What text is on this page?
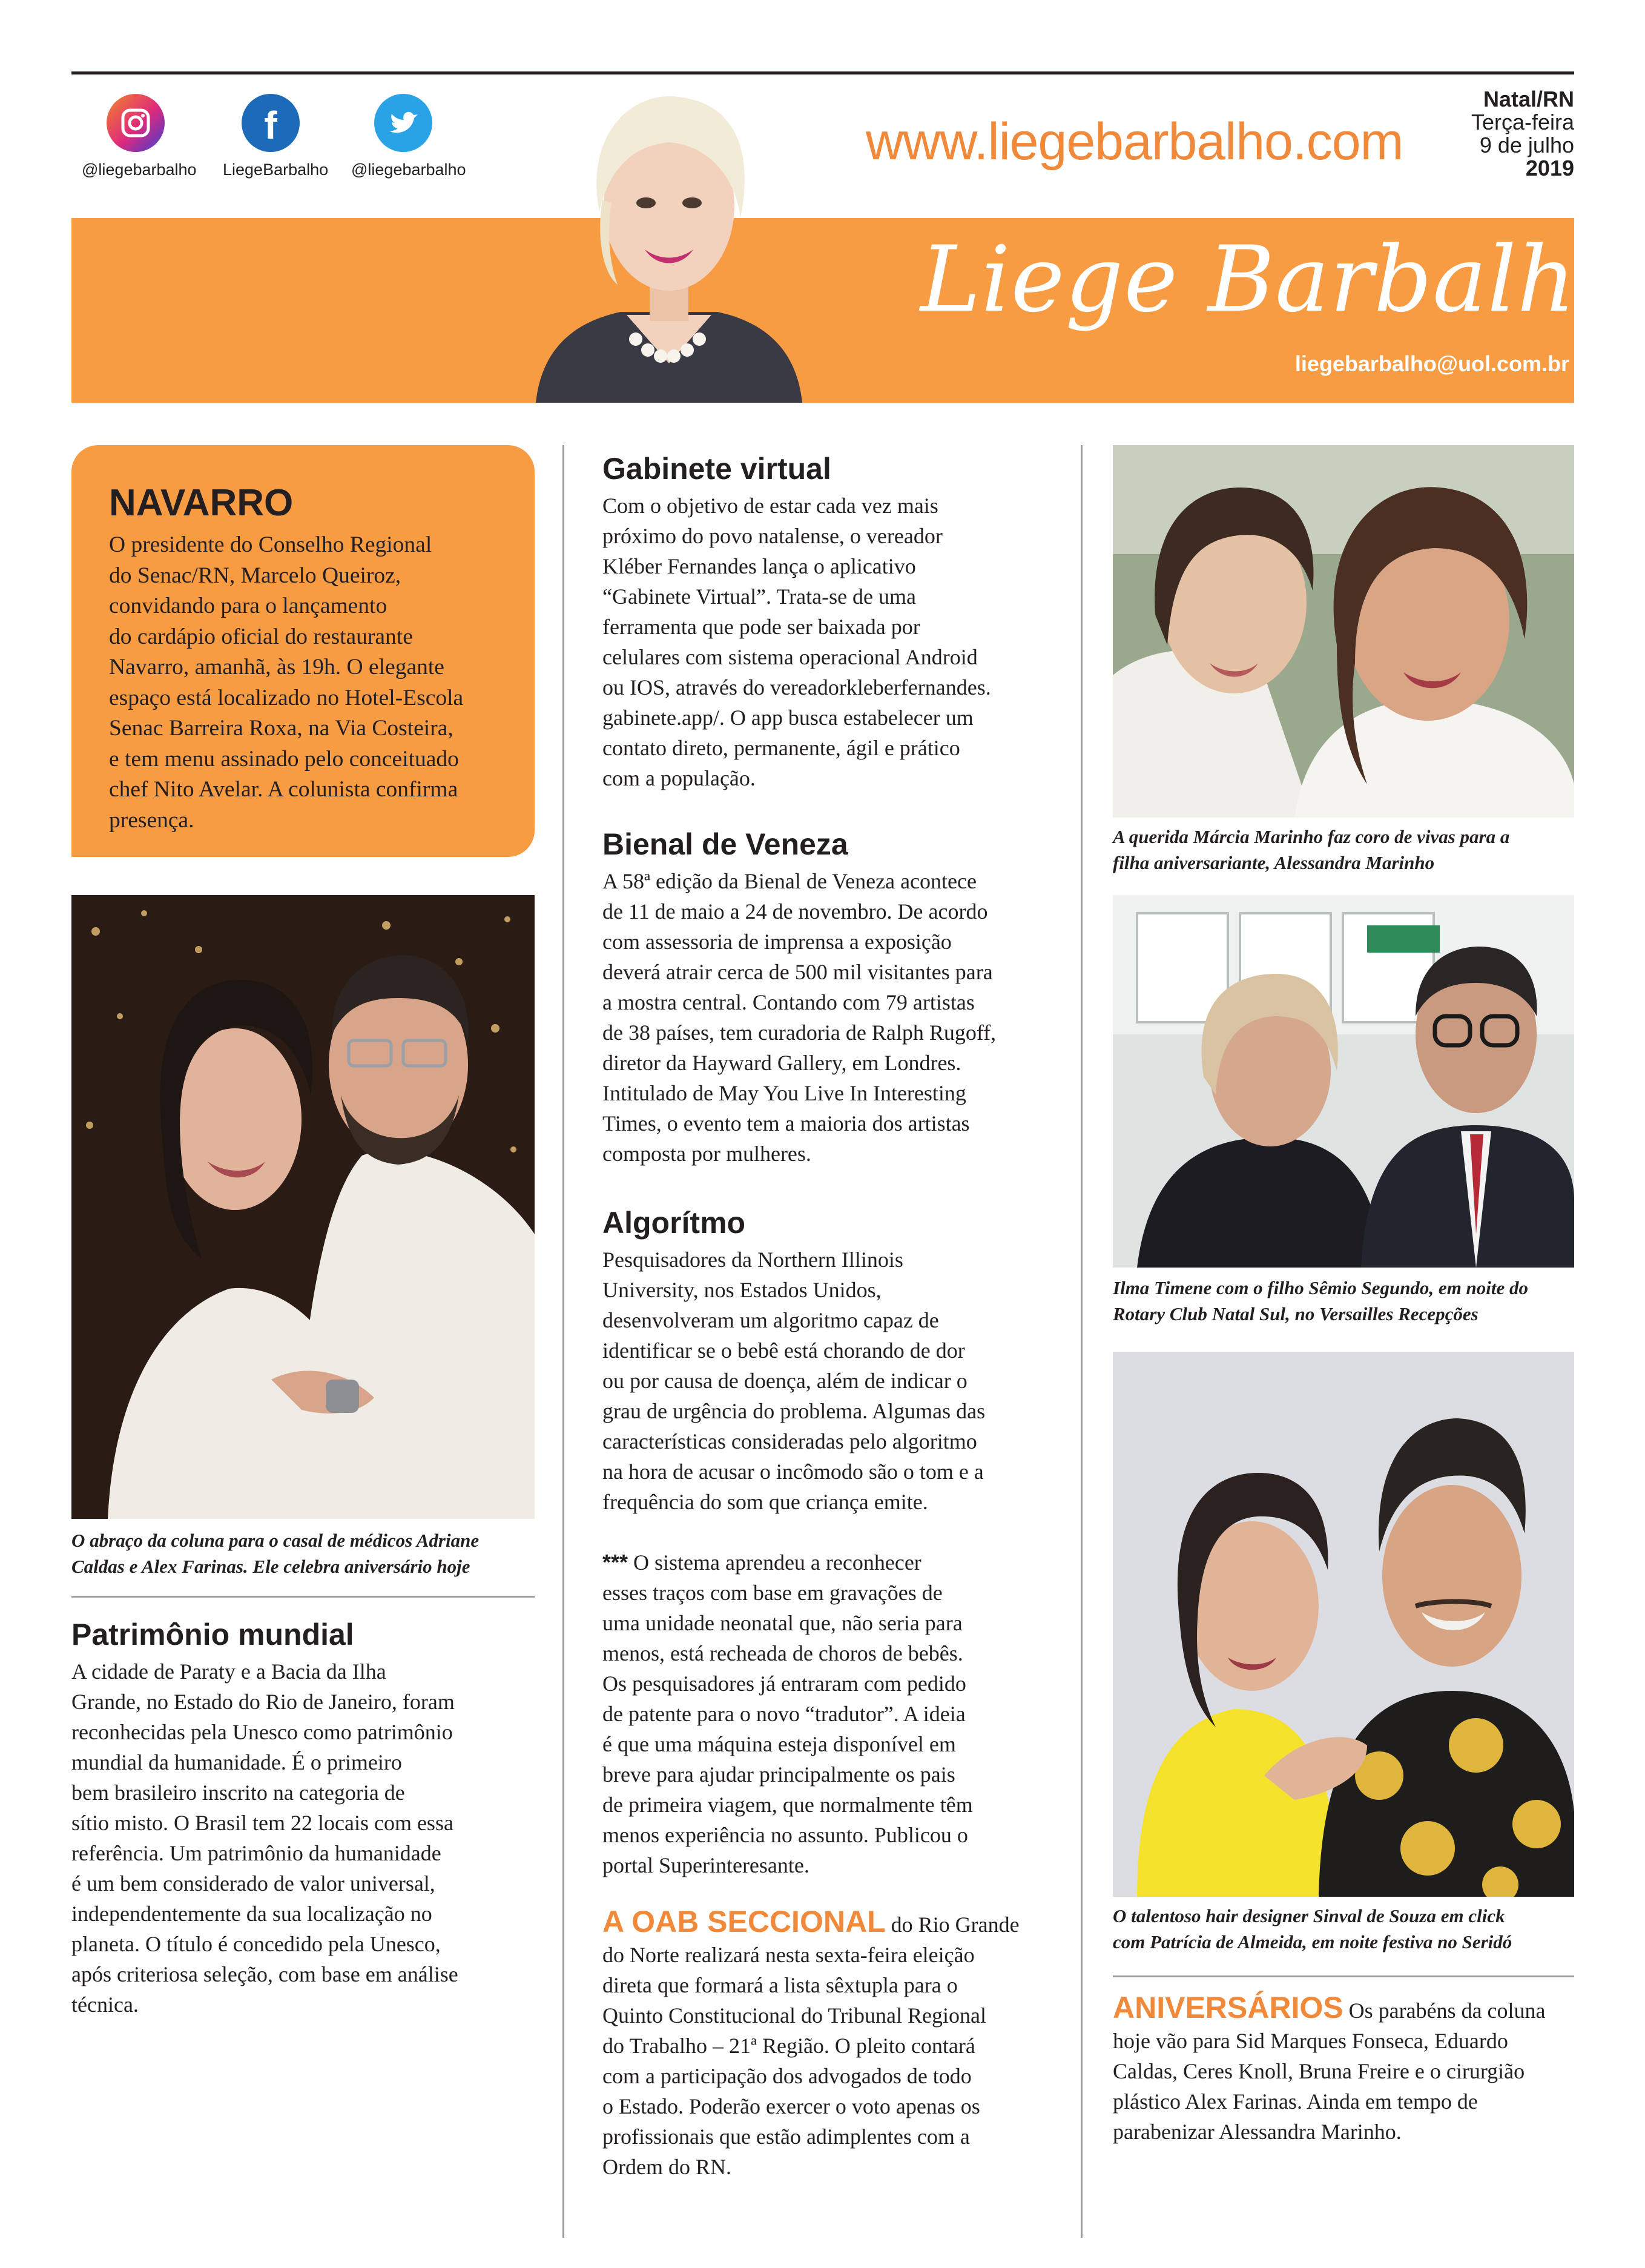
@liegebarbalho
f
LiegeBarbalho @liegebarbalho	www.liegebarbalho.com
Natal/RN
Terça-feira
9 de julho
2019
Liege Barbalho
liegebarbalho@uol.com.br
NAVARRO

O presidente do Conselho Regional
do Senac/RN, Marcelo Queiroz,
convidando para o lançamento
do cardápio oficial do restaurante
Navarro, amanhã, às 19h. O elegante
espaço está localizado no Hotel-Escola
Senac Barreira Roxa, na Via Costeira,
e tem menu assinado pelo conceituado
chef Nito Avelar. A colunista confirma
presença.

O abraço da coluna para o casal de médicos Adriane
Caldas e Alex Farinas. Ele celebra aniversário hoje
Patrimônio mundial

A cidade de Paraty e a Bacia da Ilha
Grande, no Estado do Rio de Janeiro, foram
reconhecidas pela Unesco como patrimônio
mundial da humanidade. É o primeiro
bem brasileiro inscrito na categoria de
sítio misto. O Brasil tem 22 locais com essa
referência. Um patrimônio da humanidade
é um bem considerado de valor universal,
independentemente da sua localização no
planeta. O título é concedido pela Unesco,
após criteriosa seleção, com base em análise
técnica.

Gabinete virtual

Com o objetivo de estar cada vez mais
próximo do povo natalense, o vereador
Kléber Fernandes lança o aplicativo
“Gabinete Virtual”. Trata-se de uma
ferramenta que pode ser baixada por
celulares com sistema operacional Android
ou IOS, através do vereadorkleberfernandes.
gabinete.app/. O app busca estabelecer um
contato direto, permanente, ágil e prático
com a população.

Bienal de Veneza

A 58ª edição da Bienal de Veneza acontece
de 11 de maio a 24 de novembro. De acordo
com assessoria de imprensa a exposição
deverá atrair cerca de 500 mil visitantes para
a mostra central. Contando com 79 artistas
de 38 países, tem curadoria de Ralph Rugoff,
diretor da Hayward Gallery, em Londres.
Intitulado de May You Live In Interesting
Times, o evento tem a maioria dos artistas
composta por mulheres.

Algorítmo

Pesquisadores da Northern Illinois
University, nos Estados Unidos,
desenvolveram um algoritmo capaz de
identificar se o bebê está chorando de dor
ou por causa de doença, além de indicar o
grau de urgência do problema. Algumas das
características consideradas pelo algoritmo
na hora de acusar o incômodo são o tom e a
frequência do som que criança emite.

*** O sistema aprendeu a reconhecer
esses traços com base em gravações de
uma unidade neonatal que, não seria para
menos, está recheada de choros de bebês.
Os pesquisadores já entraram com pedido
de patente para o novo “tradutor”. A ideia
é que uma máquina esteja disponível em
breve para ajudar principalmente os pais
de primeira viagem, que normalmente têm
menos experiência no assunto. Publicou o
portal Superinteresante.

A OAB SECCIONAL do Rio Grande
do Norte realizará nesta sexta-feira eleição
direta que formará a lista sêxtupla para o
Quinto Constitucional do Tribunal Regional
do Trabalho – 21ª Região. O pleito contará
com a participação dos advogados de todo
o Estado. Poderão exercer o voto apenas os
profissionais que estão adimplentes com a
Ordem do RN.

A querida Márcia Marinho faz coro de vivas para a
filha aniversariante, Alessandra Marinho
Ilma Timene com o filho Sêmio Segundo, em noite do
Rotary Club Natal Sul, no Versailles Recepções
O talentoso hair designer Sinval de Souza em click
com Patrícia de Almeida, em noite festiva no Seridó

ANIVERSÁRIOS Os parabéns da coluna
hoje vão para Sid Marques Fonseca, Eduardo
Caldas, Ceres Knoll, Bruna Freire e o cirurgião
plástico Alex Farinas. Ainda em tempo de
parabenizar Alessandra Marinho.
